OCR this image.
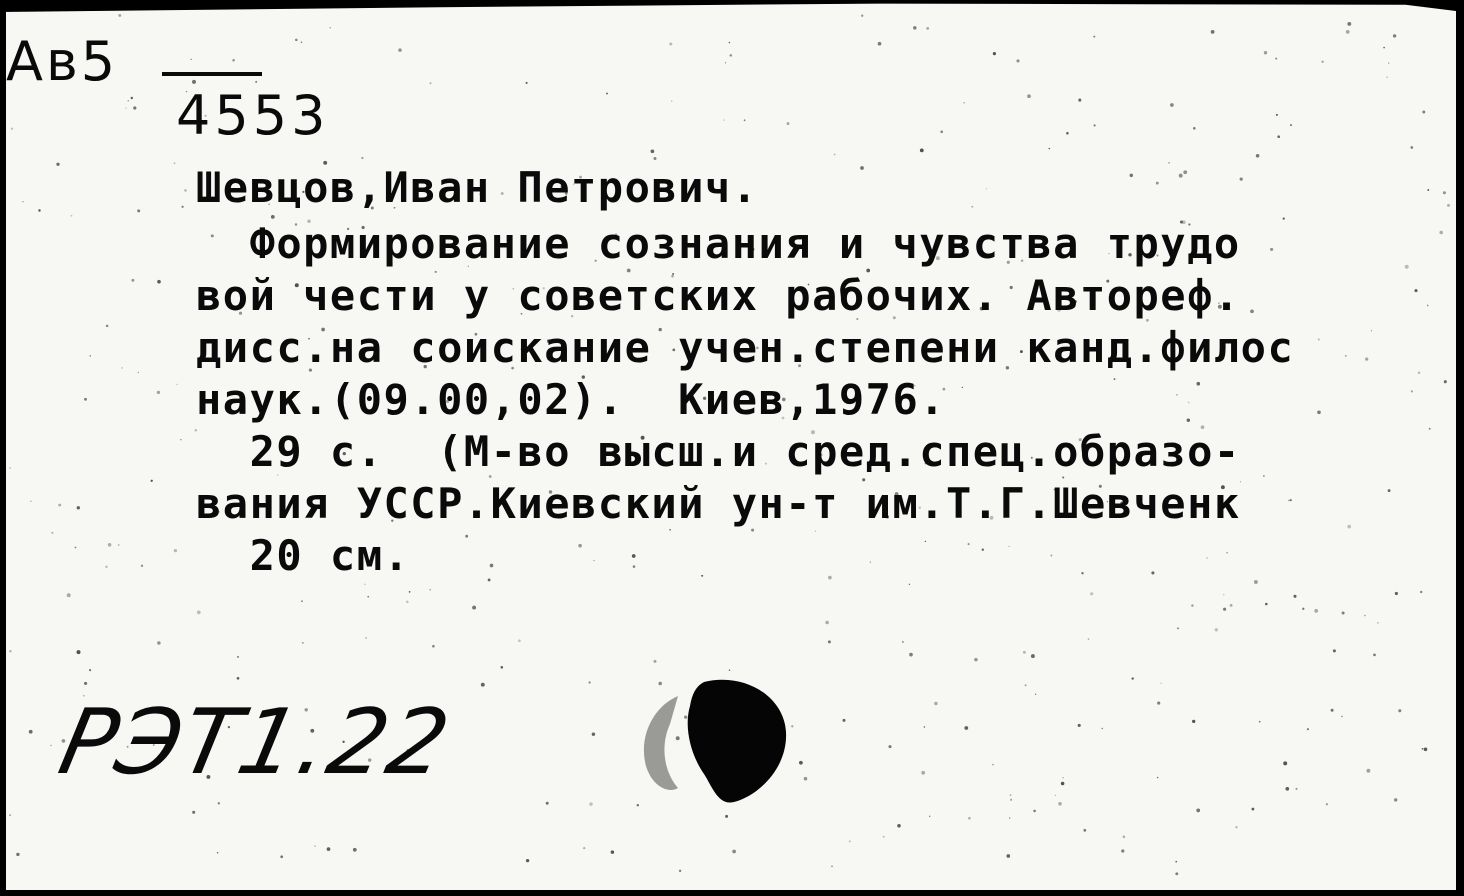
Aв5

4553

Шевцов,Иван Петрович.

Формирование сознания и чувства трудо

вой чести у советских рабочих. Автореф.

дисс.на соискание учен.степени канд.филос

наук.(09.00,02).  Киев,1976.

29 с.  (М-во высш.и сред.спец.образо-

вания УССР.Киевский ун-т им.Т.Г.Шевченк

20 см.

РЭТ1.22
